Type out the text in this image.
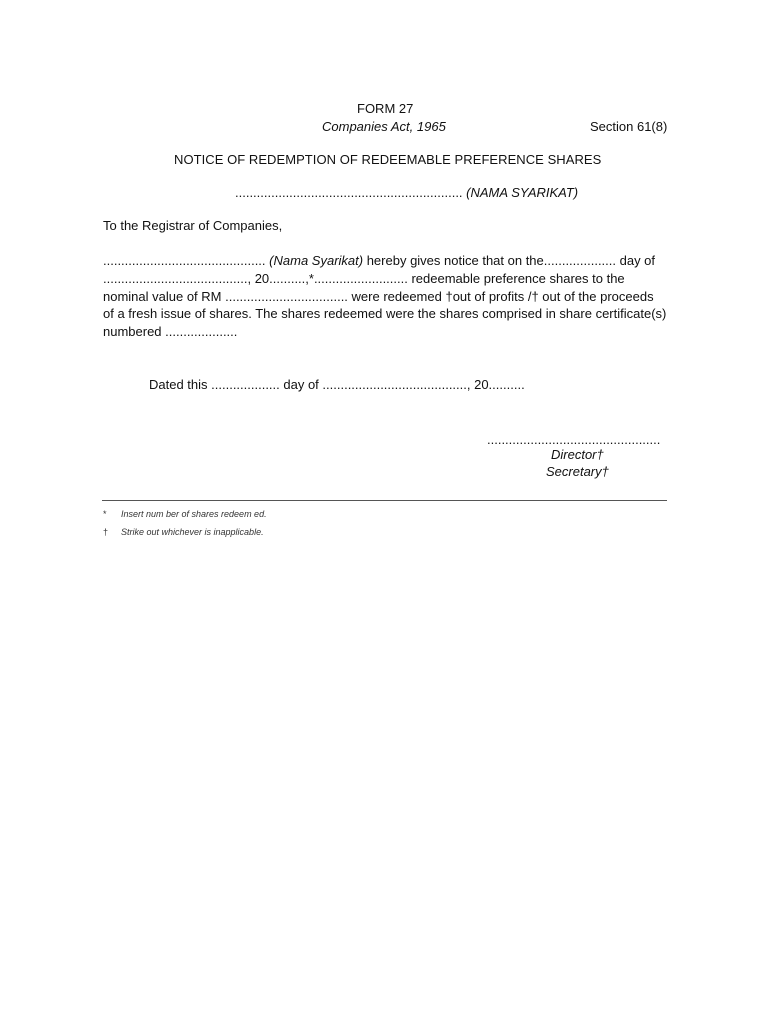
FORM 27
Companies Act, 1965	Section 61(8)
NOTICE OF REDEMPTION OF REDEEMABLE PREFERENCE SHARES
............................................................... (NAMA SYARIKAT)
To the Registrar of Companies,
............................................. (Nama Syarikat) hereby gives notice that on the.................... day of
........................................, 20..........,*.......................... redeemable preference shares to the
nominal value of RM .................................. were redeemed †out of profits /† out of the proceeds
of a fresh issue of shares. The shares redeemed were the shares comprised in share certificate(s)
numbered ....................
Dated this ................... day of ........................................, 20..........
................................................
Director†
Secretary†
* Insert num ber of shares redeem ed.
† Strike out whichever is inapplicable.
